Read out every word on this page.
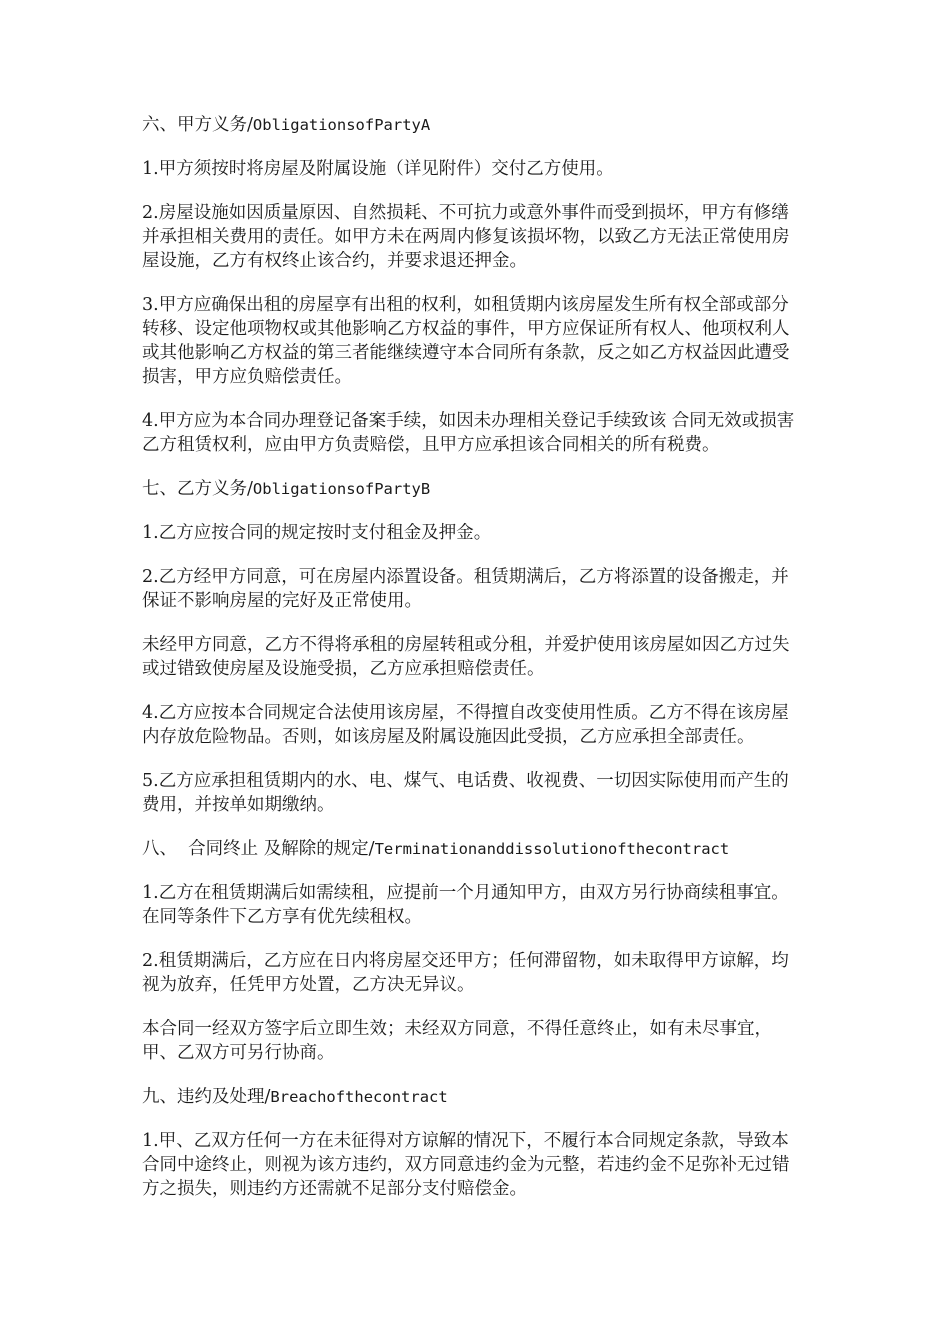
六、甲方义务/ObligationsofPartyA

1.甲方须按时将房屋及附属设施（详见附件）交付乙方使用。

2.房屋设施如因质量原因、自然损耗、不可抗力或意外事件而受到损坏，甲方有修缮并承担相关费用的责任。如甲方未在两周内修复该损坏物，以致乙方无法正常使用房屋设施，乙方有权终止该合约，并要求退还押金。

3.甲方应确保出租的房屋享有出租的权利，如租赁期内该房屋发生所有权全部或部分转移、设定他项物权或其他影响乙方权益的事件，甲方应保证所有权人、他项权利人或其他影响乙方权益的第三者能继续遵守本合同所有条款，反之如乙方权益因此遭受损害，甲方应负赔偿责任。

4.甲方应为本合同办理登记备案手续，如因未办理相关登记手续致该 合同无效或损害乙方租赁权利，应由甲方负责赔偿，且甲方应承担该合同相关的所有税费。

七、乙方义务/ObligationsofPartyB

1.乙方应按合同的规定按时支付租金及押金。

2.乙方经甲方同意，可在房屋内添置设备。租赁期满后，乙方将添置的设备搬走，并保证不影响房屋的完好及正常使用。

未经甲方同意，乙方不得将承租的房屋转租或分租，并爱护使用该房屋如因乙方过失或过错致使房屋及设施受损，乙方应承担赔偿责任。

4.乙方应按本合同规定合法使用该房屋，不得擅自改变使用性质。乙方不得在该房屋内存放危险物品。否则，如该房屋及附属设施因此受损，乙方应承担全部责任。

5.乙方应承担租赁期内的水、电、煤气、电话费、收视费、一切因实际使用而产生的费用，并按单如期缴纳。

八、  合同终止 及解除的规定/Terminationanddissolutionofthecontract

1.乙方在租赁期满后如需续租，应提前一个月通知甲方，由双方另行协商续租事宜。在同等条件下乙方享有优先续租权。

2.租赁期满后，乙方应在日内将房屋交还甲方；任何滞留物，如未取得甲方谅解，均视为放弃，任凭甲方处置，乙方决无异议。

本合同一经双方签字后立即生效；未经双方同意，不得任意终止，如有未尽事宜，甲、乙双方可另行协商。

九、违约及处理/Breachofthecontract

1.甲、乙双方任何一方在未征得对方谅解的情况下，不履行本合同规定条款，导致本合同中途终止，则视为该方违约，双方同意违约金为元整，若违约金不足弥补无过错方之损失，则违约方还需就不足部分支付赔偿金。
